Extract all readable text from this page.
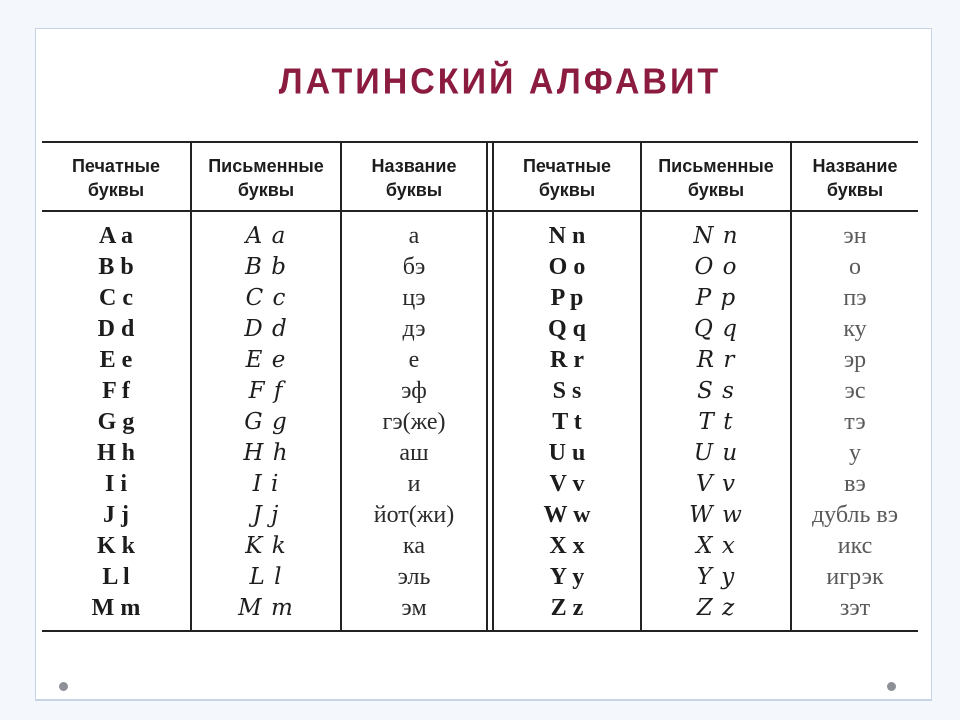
ЛАТИНСКИЙ АЛФАВИТ
Печатные
буквы
Письменные
буквы
Название
буквы
Печатные
буквы
Письменные
буквы
Название
буквы
A a
B b
C c
D d
E e
F f
G g
H h
I i
J j
K k
L l
M m
A a
B b
C c
D d
E e
F f
G g
H h
I i
J j
K k
L l
M m
а
бэ
цэ
дэ
е
эф
гэ(же)
аш
и
йот(жи)
ка
эль
эм
N n
O o
P p
Q q
R r
S s
T t
U u
V v
W w
X x
Y y
Z z
N n
O o
P p
Q q
R r
S s
T t
U u
V v
W w
X x
Y y
Z z
эн
о
пэ
ку
эр
эс
тэ
у
вэ
дубль вэ
икс
игрэк
зэт
